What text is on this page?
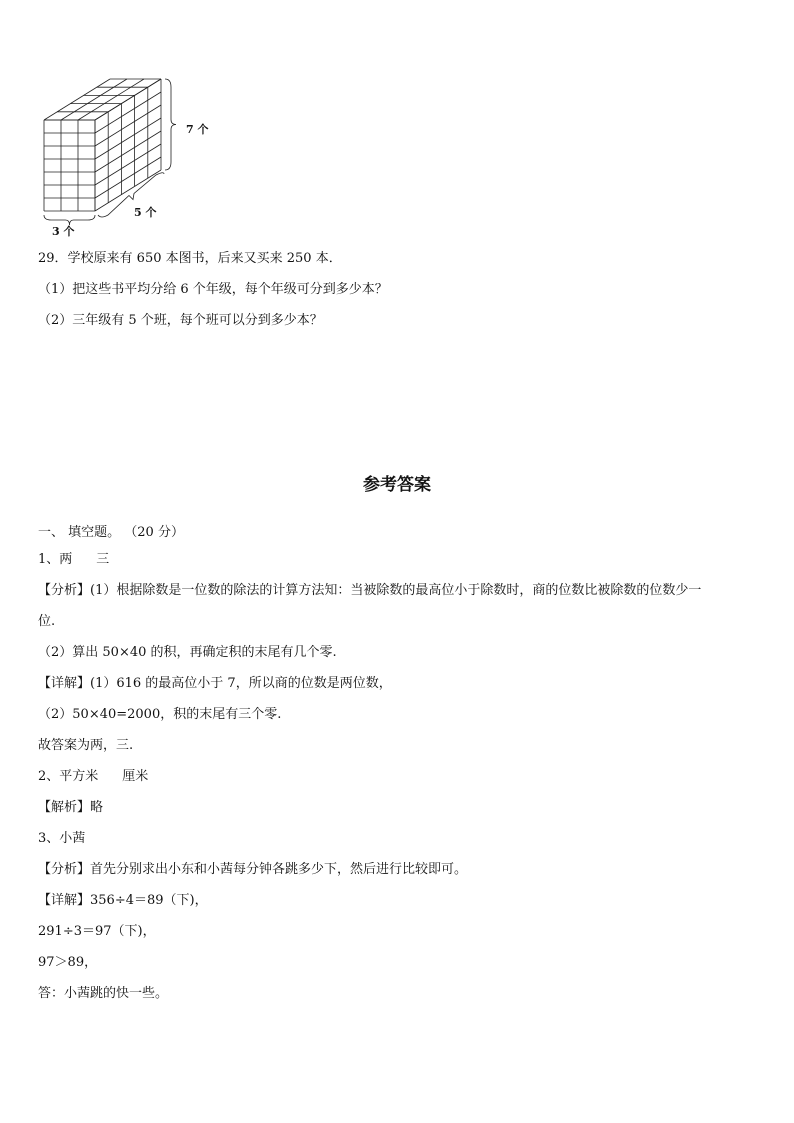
7 个
5 个
3 个
29．学校原来有 650 本图书，后来又买来 250 本．
（1）把这些书平均分给 6 个年级，每个年级可分到多少本？
（2）三年级有 5 个班，每个班可以分到多少本？
参考答案
一、 填空题。 （20 分）
1、两 三
【分析】(1）根据除数是一位数的除法的计算方法知：当被除数的最高位小于除数时，商的位数比被除数的位数少一
位.
（2）算出 50×40 的积，再确定积的末尾有几个零.
【详解】(1）616 的最高位小于 7，所以商的位数是两位数，
（2）50×40=2000，积的末尾有三个零.
故答案为两，三.
2、平方米 厘米
【解析】略
3、小茜
【分析】首先分别求出小东和小茜每分钟各跳多少下，然后进行比较即可。
【详解】356÷4＝89（下)，
291÷3＝97（下)，
97＞89，
答：小茜跳的快一些。
